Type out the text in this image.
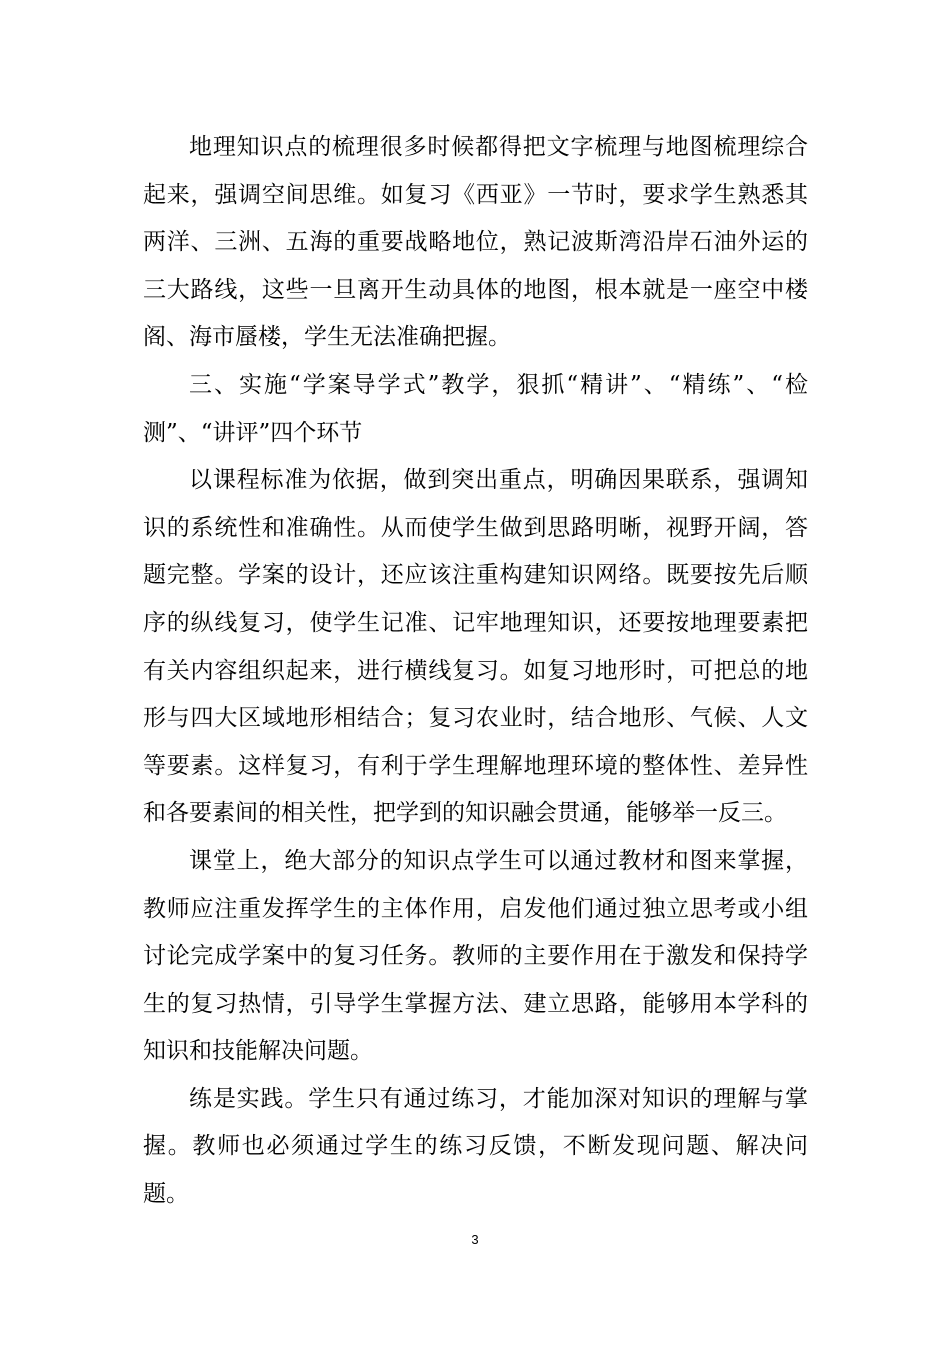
地理知识点的梳理很多时候都得把文字梳理与地图梳理综合起来，强调空间思维。如复习《西亚》一节时，要求学生熟悉其两洋、三洲、五海的重要战略地位，熟记波斯湾沿岸石油外运的三大路线，这些一旦离开生动具体的地图，根本就是一座空中楼阁、海市蜃楼，学生无法准确把握。

三、实施“学案导学式”教学，狠抓“精讲”、“精练”、“检测”、“讲评”四个环节

以课程标准为依据，做到突出重点，明确因果联系，强调知识的系统性和准确性。从而使学生做到思路明晰，视野开阔，答题完整。学案的设计，还应该注重构建知识网络。既要按先后顺序的纵线复习，使学生记准、记牢地理知识，还要按地理要素把有关内容组织起来，进行横线复习。如复习地形时，可把总的地形与四大区域地形相结合；复习农业时，结合地形、气候、人文等要素。这样复习，有利于学生理解地理环境的整体性、差异性和各要素间的相关性，把学到的知识融会贯通，能够举一反三。

课堂上，绝大部分的知识点学生可以通过教材和图来掌握，教师应注重发挥学生的主体作用，启发他们通过独立思考或小组讨论完成学案中的复习任务。教师的主要作用在于激发和保持学生的复习热情，引导学生掌握方法、建立思路，能够用本学科的知识和技能解决问题。

练是实践。学生只有通过练习，才能加深对知识的理解与掌握。教师也必须通过学生的练习反馈，不断发现问题、解决问题。

3
